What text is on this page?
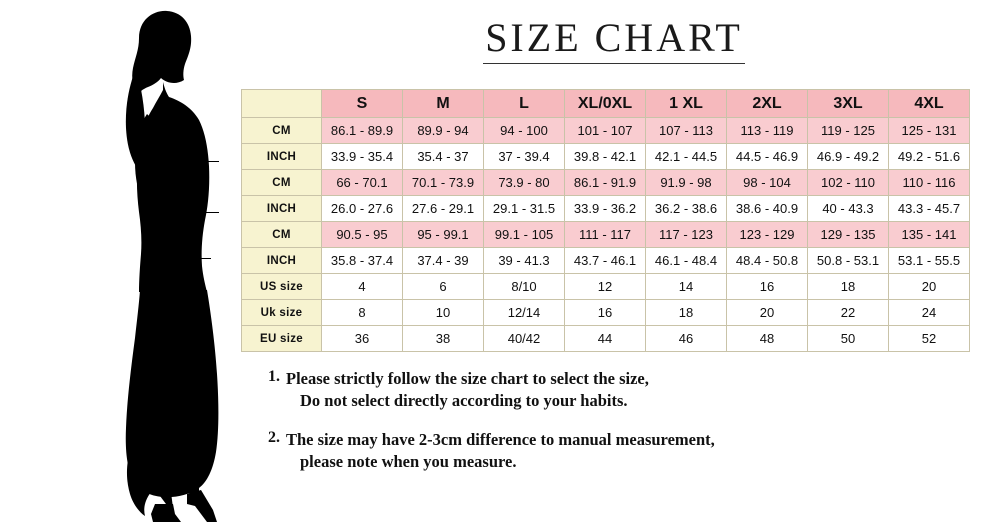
Bust fit
Waist fit
Hip fit
SIZE CHART
	S	M	L	XL/0XL	1 XL	2XL	3XL	4XL
CM	86.1 - 89.9	89.9 - 94	94 - 100	101 - 107	107 - 113	113 - 119	119 - 125	125 - 131
INCH	33.9 - 35.4	35.4 - 37	37 - 39.4	39.8 - 42.1	42.1 - 44.5	44.5 - 46.9	46.9 - 49.2	49.2 - 51.6
CM	66 - 70.1	70.1 - 73.9	73.9 - 80	86.1 - 91.9	91.9 - 98	98 - 104	102 - 110	110 - 116
INCH	26.0 - 27.6	27.6 - 29.1	29.1 - 31.5	33.9 - 36.2	36.2 - 38.6	38.6 - 40.9	40 - 43.3	43.3 - 45.7
CM	90.5 - 95	95 - 99.1	99.1 - 105	111 - 117	117 - 123	123 - 129	129 - 135	135 - 141
INCH	35.8 - 37.4	37.4 - 39	39 - 41.3	43.7 - 46.1	46.1 - 48.4	48.4 - 50.8	50.8 - 53.1	53.1 - 55.5
US size	4	6	8/10	12	14	16	18	20
Uk size	8	10	12/14	16	18	20	22	24
EU size	36	38	40/42	44	46	48	50	52
1. Please strictly follow the size chart to select the size,
Do not select directly according to your habits.
2. The size may have 2-3cm difference to manual measurement,
please note when you measure.
